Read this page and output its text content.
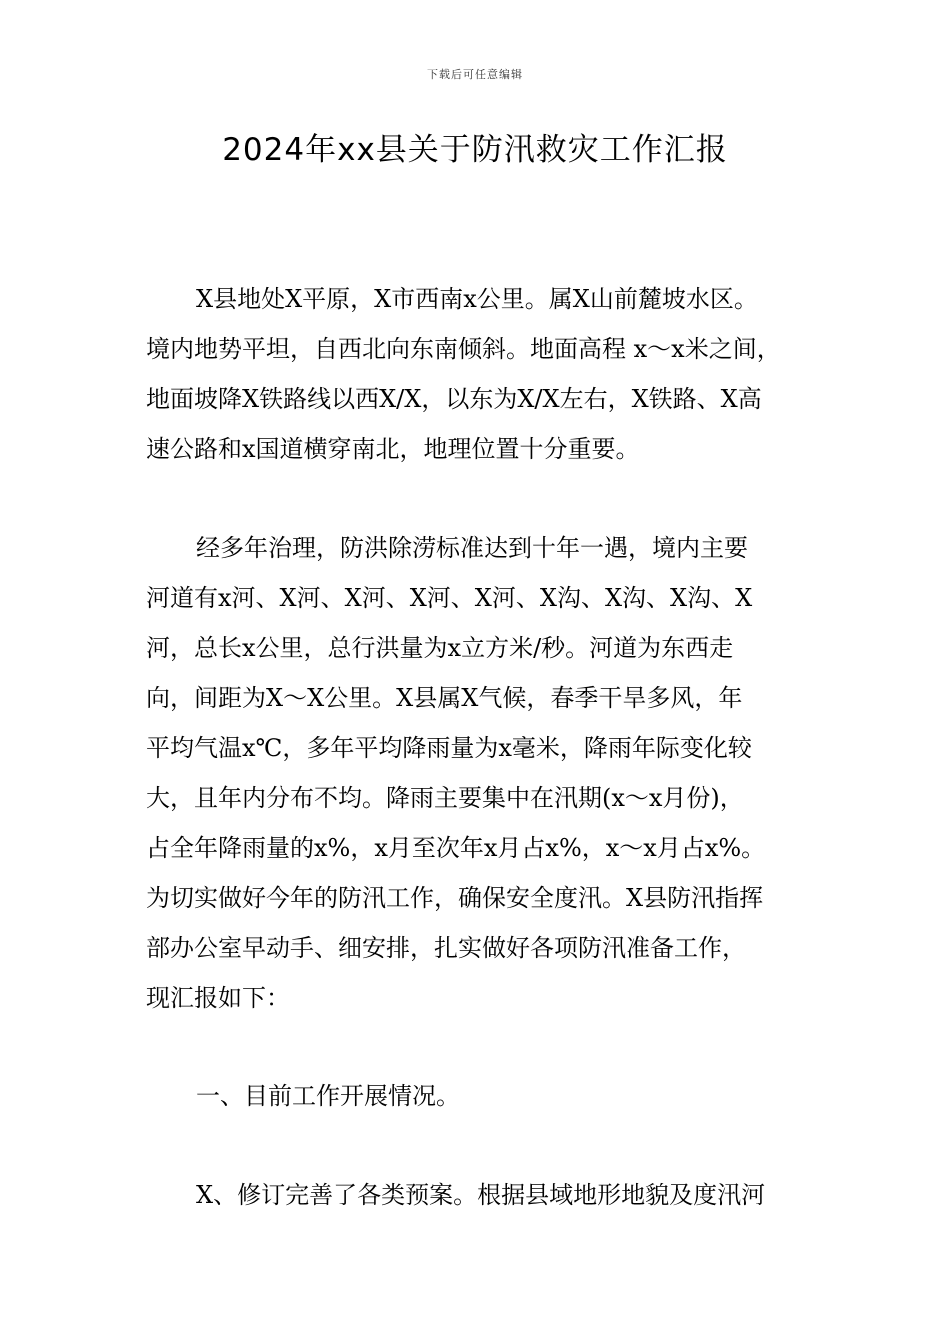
下载后可任意编辑
2024年xx县关于防汛救灾工作汇报
X县地处X平原，X市西南x公里。属X山前麓坡水区。
境内地势平坦，自西北向东南倾斜。地面高程 x～x米之间，
地面坡降X铁路线以西X/X，以东为X/X左右，X铁路、X高
速公路和x国道横穿南北，地理位置十分重要。
经多年治理，防洪除涝标准达到十年一遇，境内主要
河道有x河、X河、X河、X河、X河、X沟、X沟、X沟、X
河，总长x公里，总行洪量为x立方米/秒。河道为东西走
向，间距为X～X公里。X县属X气候，春季干旱多风，年
平均气温x℃，多年平均降雨量为x毫米，降雨年际变化较
大，且年内分布不均。降雨主要集中在汛期(x～x月份)，
占全年降雨量的x%，x月至次年x月占x%，x～x月占x%。
为切实做好今年的防汛工作，确保安全度汛。X县防汛指挥
部办公室早动手、细安排，扎实做好各项防汛准备工作，
现汇报如下：
一、目前工作开展情况。
X、修订完善了各类预案。根据县域地形地貌及度汛河
